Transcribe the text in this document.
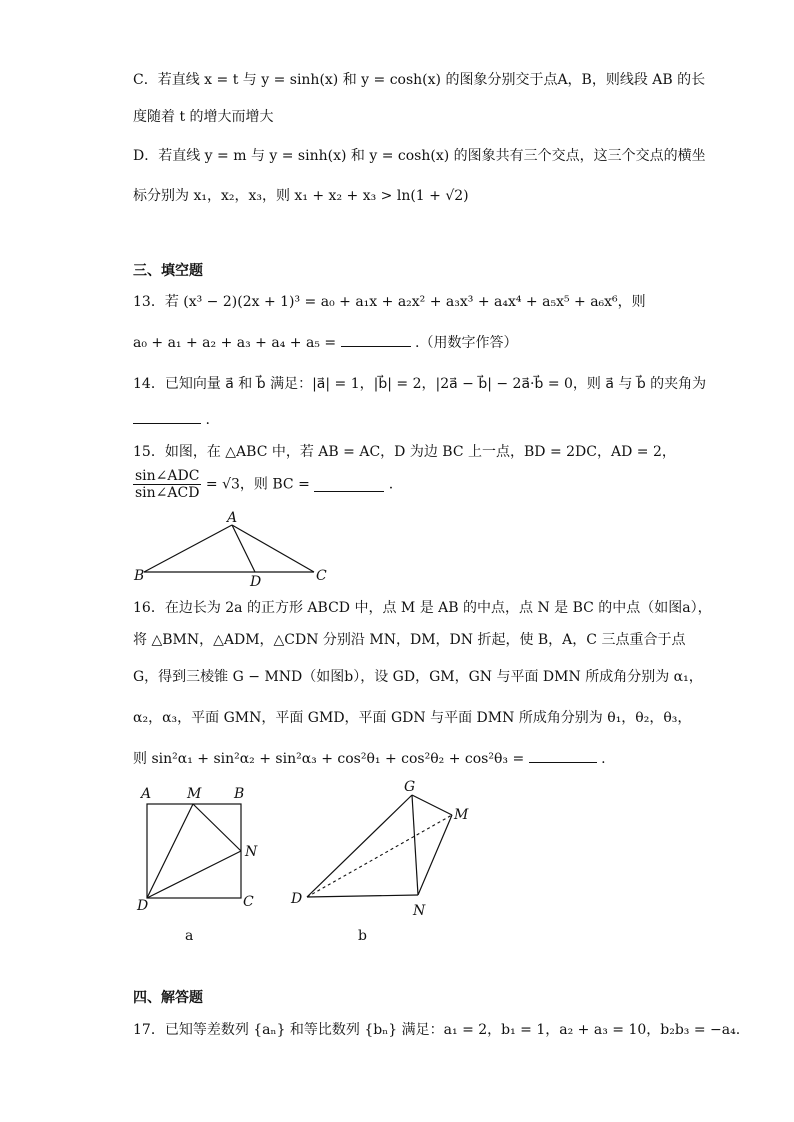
C．若直线 x = t 与 y = sinh(x) 和 y = cosh(x) 的图象分别交于点A，B，则线段 AB 的长
度随着 t 的增大而增大
D．若直线 y = m 与 y = sinh(x) 和 y = cosh(x) 的图象共有三个交点，这三个交点的横坐
标分别为 x₁，x₂，x₃，则 x₁ + x₂ + x₃ > ln(1 + √2)
三、填空题
13．若 (x³ − 2)(2x + 1)³ = a₀ + a₁x + a₂x² + a₃x³ + a₄x⁴ + a₅x⁵ + a₆x⁶，则
a₀ + a₁ + a₂ + a₃ + a₄ + a₅ =	.（用数字作答）
14．已知向量 a⃗ 和 b⃗ 满足：|a⃗| = 1，|b⃗| = 2，|2a⃗ − b⃗| − 2a⃗·b⃗ = 0，则 a⃗ 与 b⃗ 的夹角为
.
15．如图，在 △ABC 中，若 AB = AC，D 为边 BC 上一点，BD = 2DC，AD = 2，
sin∠ADC
sin∠ACD
= √3，则 BC =	.
A
B	D	C
16．在边长为 2a 的正方形 ABCD 中，点 M 是 AB 的中点，点 N 是 BC 的中点（如图a），
将 △BMN，△ADM，△CDN 分别沿 MN，DM，DN 折起，使 B，A，C 三点重合于点
G，得到三棱锥 G − MND（如图b），设 GD，GM，GN 与平面 DMN 所成角分别为 α₁，
α₂，α₃，平面 GMN，平面 GMD，平面 GDN 与平面 DMN 所成角分别为 θ₁，θ₂，θ₃，
则 sin²α₁ + sin²α₂ + sin²α₃ + cos²θ₁ + cos²θ₂ + cos²θ₃ =	.
A	M B
N
D	C
a
G
M
D
N
b
四、解答题
17．已知等差数列 {aₙ} 和等比数列 {bₙ} 满足：a₁ = 2，b₁ = 1，a₂ + a₃ = 10，b₂b₃ = −a₄.
